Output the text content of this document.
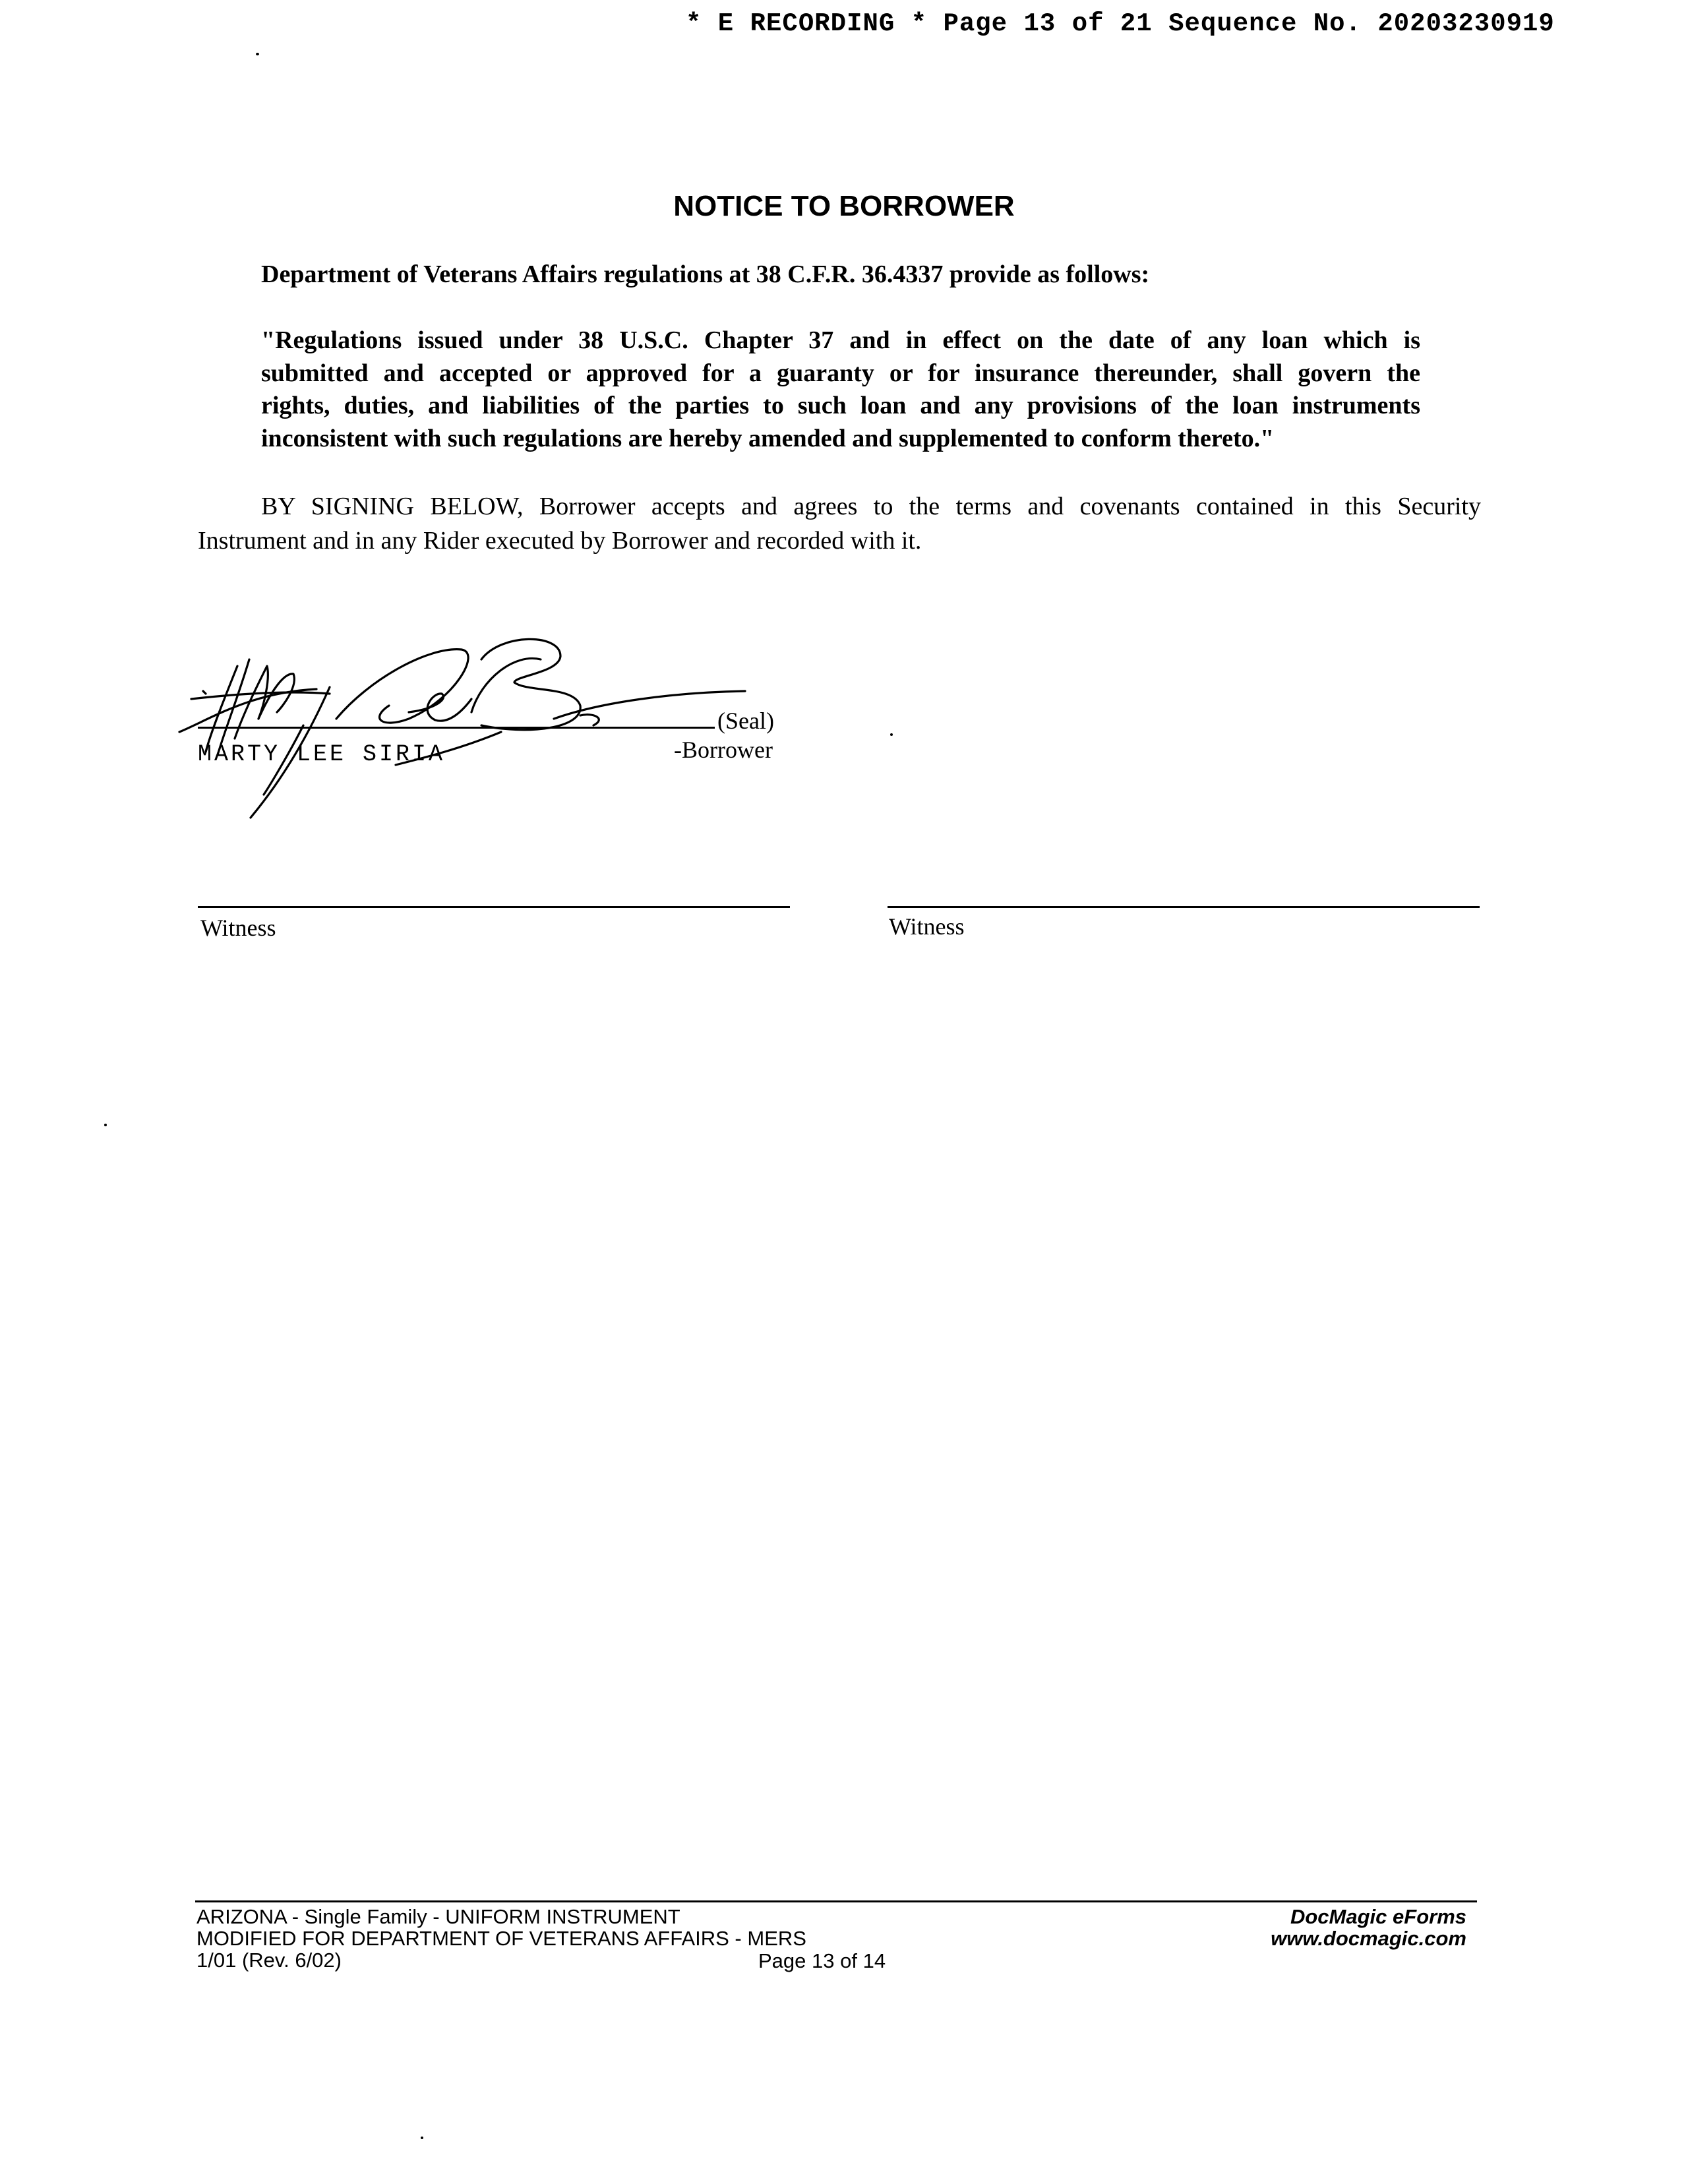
* E RECORDING * Page 13 of 21 Sequence No. 20203230919
NOTICE TO BORROWER
Department of Veterans Affairs regulations at 38 C.F.R. 36.4337 provide as follows:
"Regulations issued under 38 U.S.C. Chapter 37 and in effect on the date of any loan which is
submitted and accepted or approved for a guaranty or for insurance thereunder, shall govern the
rights, duties, and liabilities of the parties to such loan and any provisions of the loan instruments
inconsistent with such regulations are hereby amended and supplemented to conform thereto."
BY SIGNING BELOW, Borrower accepts and agrees to the terms and covenants contained in this Security
Instrument and in any Rider executed by Borrower and recorded with it.
(Seal)
-Borrower
MARTY LEE SIRIA
Witness	Witness
ARIZONA - Single Family - UNIFORM INSTRUMENT
MODIFIED FOR DEPARTMENT OF VETERANS AFFAIRS - MERS
1/01 (Rev. 6/02)	Page 13 of 14
DocMagic eForms
www.docmagic.com
